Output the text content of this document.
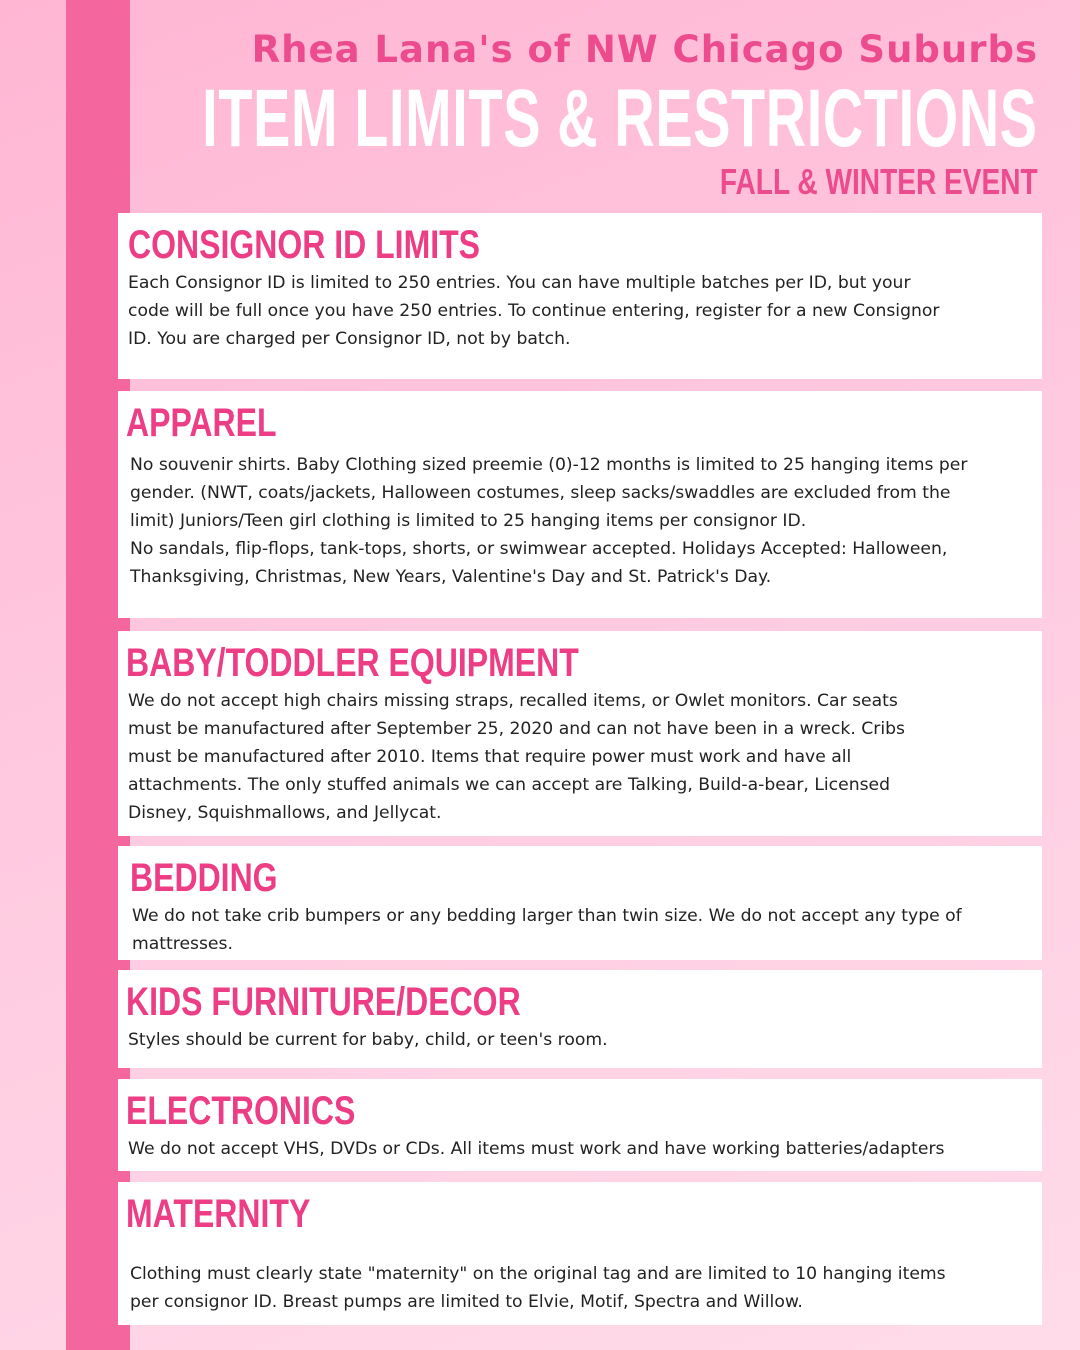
Rhea Lana's of NW Chicago Suburbs
ITEM LIMITS & RESTRICTIONS
FALL & WINTER EVENT
CONSIGNOR ID LIMITS

Each Consignor ID is limited to 250 entries. You can have multiple batches per ID, but your
code will be full once you have 250 entries. To continue entering, register for a new Consignor
ID. You are charged per Consignor ID, not by batch.

APPAREL

No souvenir shirts. Baby Clothing sized preemie (0)-12 months is limited to 25 hanging items per
gender. (NWT, coats/jackets, Halloween costumes, sleep sacks/swaddles are excluded from the
limit) Juniors/Teen girl clothing is limited to 25 hanging items per consignor ID.
No sandals, flip-flops, tank-tops, shorts, or swimwear accepted. Holidays Accepted: Halloween,
Thanksgiving, Christmas, New Years, Valentine's Day and St. Patrick's Day.

BABY/TODDLER EQUIPMENT

We do not accept high chairs missing straps, recalled items, or Owlet monitors. Car seats
must be manufactured after September 25, 2020 and can not have been in a wreck. Cribs
must be manufactured after 2010. Items that require power must work and have all
attachments. The only stuffed animals we can accept are Talking, Build-a-bear, Licensed
Disney, Squishmallows, and Jellycat.

BEDDING

We do not take crib bumpers or any bedding larger than twin size. We do not accept any type of
mattresses.

KIDS FURNITURE/DECOR

Styles should be current for baby, child, or teen's room.

ELECTRONICS

We do not accept VHS, DVDs or CDs. All items must work and have working batteries/adapters

MATERNITY

Clothing must clearly state "maternity" on the original tag and are limited to 10 hanging items
per consignor ID. Breast pumps are limited to Elvie, Motif, Spectra and Willow.
